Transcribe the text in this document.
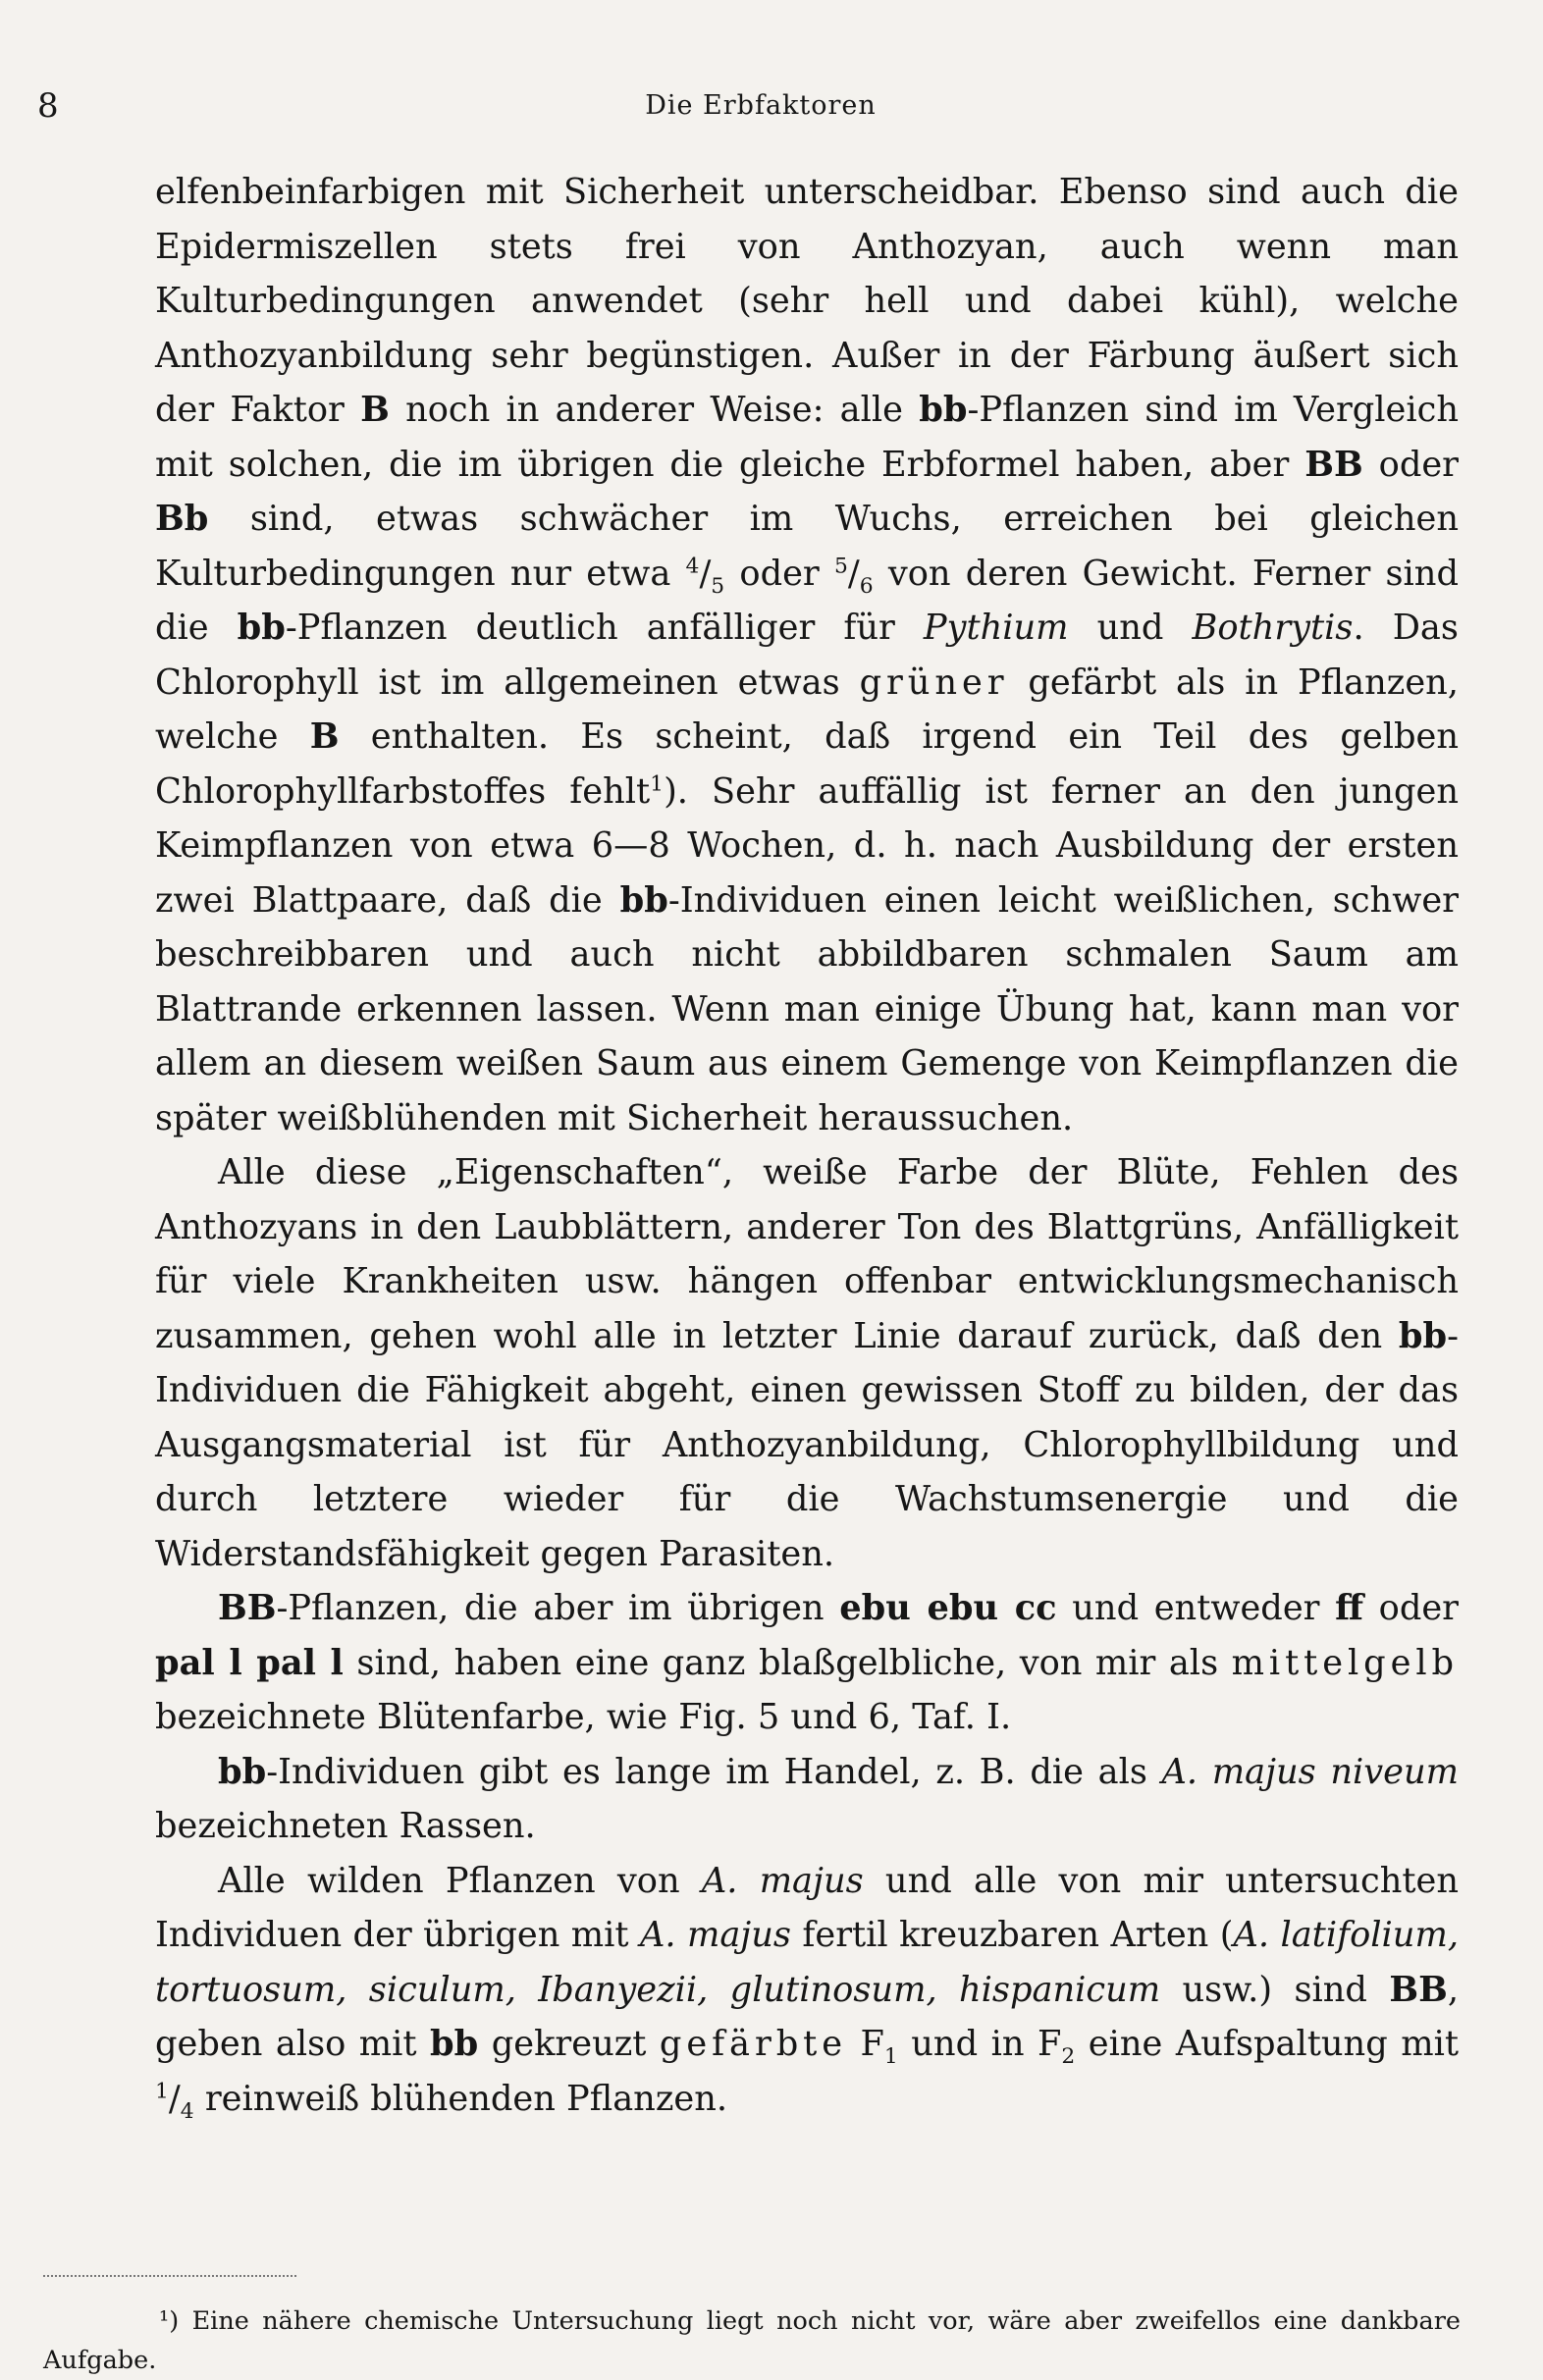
8	Die Erbfaktoren

elfenbeinfarbigen mit Sicherheit unterscheidbar. Ebenso sind auch die Epidermiszellen stets frei von Anthozyan, auch wenn man Kulturbedingungen anwendet (sehr hell und dabei kühl), welche Anthozyanbildung sehr begünstigen. Außer in der Färbung äußert sich der Faktor B noch in anderer Weise: alle bb-Pflanzen sind im Vergleich mit solchen, die im übrigen die gleiche Erbformel haben, aber BB oder Bb sind, etwas schwächer im Wuchs, erreichen bei gleichen Kulturbedingungen nur etwa $^4/_5$ oder $^5/_6$ von deren Gewicht. Ferner sind die bb-Pflanzen deutlich anfälliger für Pythium und Bothrytis. Das Chlorophyll ist im allgemeinen etwas grüner gefärbt als in Pflanzen, welche B enthalten. Es scheint, daß irgend ein Teil des gelben Chlorophyllfarbstoffes fehlt$^1$). Sehr auffällig ist ferner an den jungen Keimpflanzen von etwa 6—8 Wochen, d. h. nach Ausbildung der ersten zwei Blattpaare, daß die bb-Individuen einen leicht weißlichen, schwer beschreibbaren und auch nicht abbildbaren schmalen Saum am Blattrande erkennen lassen. Wenn man einige Übung hat, kann man vor allem an diesem weißen Saum aus einem Gemenge von Keimpflanzen die später weißblühenden mit Sicherheit heraussuchen.

Alle diese „Eigenschaften“, weiße Farbe der Blüte, Fehlen des Anthozyans in den Laubblättern, anderer Ton des Blattgrüns, Anfälligkeit für viele Krankheiten usw. hängen offenbar entwicklungsmechanisch zusammen, gehen wohl alle in letzter Linie darauf zurück, daß den bb-Individuen die Fähigkeit abgeht, einen gewissen Stoff zu bilden, der das Ausgangsmaterial ist für Anthozyanbildung, Chlorophyllbildung und durch letztere wieder für die Wachstumsenergie und die Widerstandsfähigkeit gegen Parasiten.

BB-Pflanzen, die aber im übrigen ebu ebu cc und entweder ff oder pal l pal l sind, haben eine ganz blaßgelbliche, von mir als mittelgelb bezeichnete Blütenfarbe, wie Fig. 5 und 6, Taf. I.

bb-Individuen gibt es lange im Handel, z. B. die als A. majus niveum bezeichneten Rassen.

Alle wilden Pflanzen von A. majus und alle von mir untersuchten Individuen der übrigen mit A. majus fertil kreuzbaren Arten (A. latifolium, tortuosum, siculum, Ibanyezii, glutinosum, hispanicum usw.) sind BB, geben also mit bb gekreuzt gefärbte $F_1$ und in $F_2$ eine Aufspaltung mit $^1/_4$ reinweiß blühenden Pflanzen.

¹) Eine nähere chemische Untersuchung liegt noch nicht vor, wäre aber zweifellos eine dankbare Aufgabe.
